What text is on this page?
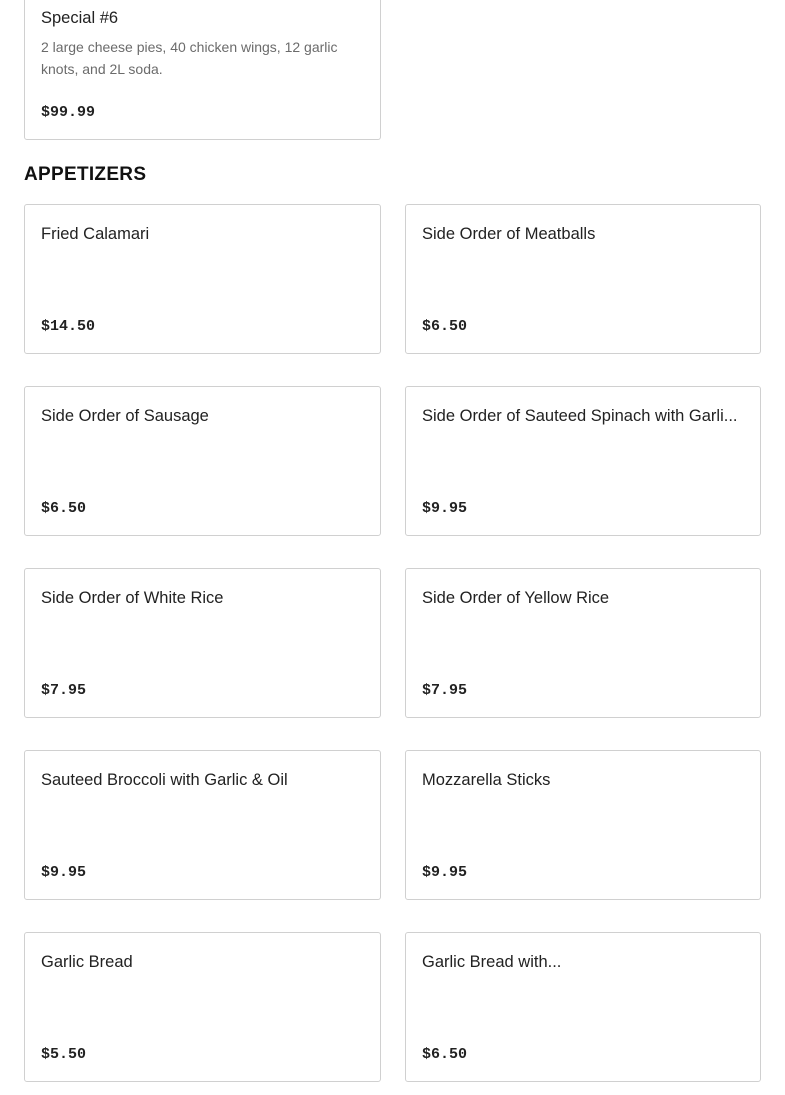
Special #6
2 large cheese pies, 40 chicken wings, 12 garlic knots, and 2L soda.
$99.99
APPETIZERS
Fried Calamari
$14.50
Side Order of Meatballs
$6.50
Side Order of Sausage
$6.50
Side Order of Sauteed Spinach with Garli...
$9.95
Side Order of White Rice
$7.95
Side Order of Yellow Rice
$7.95
Sauteed Broccoli with Garlic & Oil
$9.95
Mozzarella Sticks
$9.95
Garlic Bread
$5.50
Garlic Bread with...
$6.50
